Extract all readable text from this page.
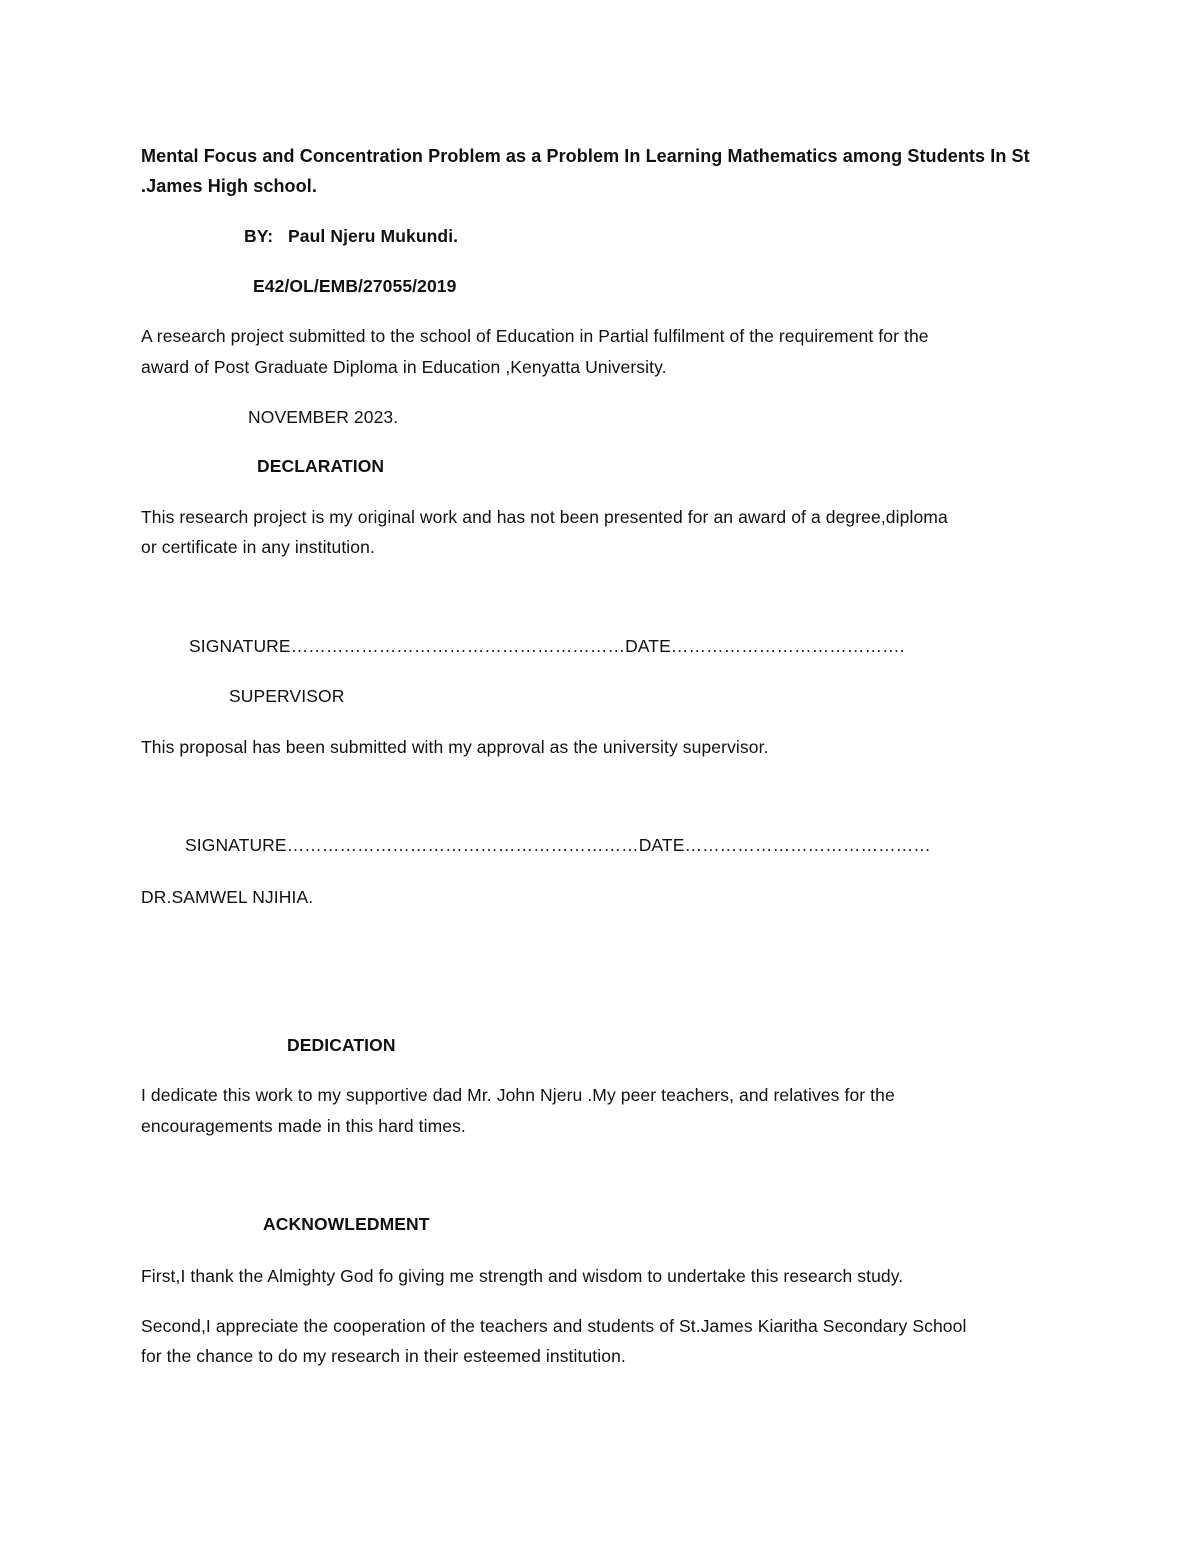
Mental Focus and Concentration Problem as a Problem In Learning Mathematics among Students In St
.James High school.
BY:   Paul Njeru Mukundi.
E42/OL/EMB/27055/2019
A research project submitted to the school of Education in Partial fulfilment of the requirement for the
award of Post Graduate Diploma in Education ,Kenyatta University.
NOVEMBER 2023.
DECLARATION
This research project is my original work and has not been presented for an award of a degree,diploma
or certificate in any institution.
SIGNATURE…………………………………………………DATE………………………………….
SUPERVISOR
This proposal has been submitted with my approval as the university supervisor.
SIGNATURE……………………………………………………DATE……………………………………
DR.SAMWEL NJIHIA.
DEDICATION
I dedicate this work to my supportive dad Mr. John Njeru .My peer teachers, and relatives for the
encouragements made in this hard times.
ACKNOWLEDMENT
First,I thank the Almighty God fo giving me strength and wisdom to undertake this research study.
Second,I appreciate the cooperation of the teachers and students of St.James Kiaritha Secondary School
for the chance to do my research in their esteemed institution.
